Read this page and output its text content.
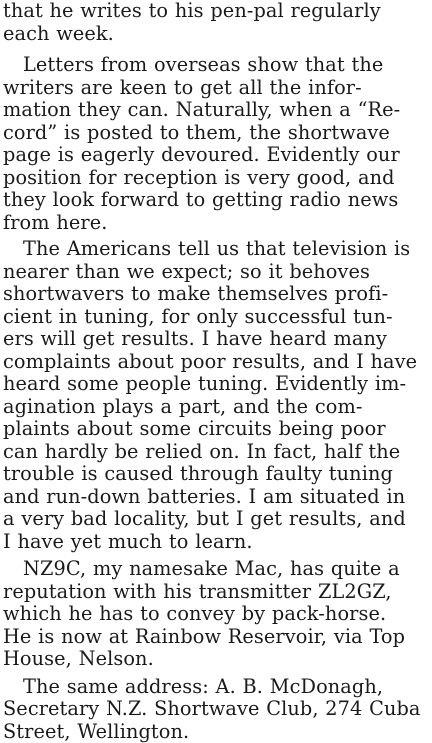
that he writes to his pen-pal regularly
each week.

Letters from overseas show that the
writers are keen to get all the infor-
mation they can. Naturally, when a “Re-
cord” is posted to them, the shortwave
page is eagerly devoured. Evidently our
position for reception is very good, and
they look forward to getting radio news
from here.

The Americans tell us that television is
nearer than we expect; so it behoves
shortwavers to make themselves profi-
cient in tuning, for only successful tun-
ers will get results. I have heard many
complaints about poor results, and I have
heard some people tuning. Evidently im-
agination plays a part, and the com-
plaints about some circuits being poor
can hardly be relied on. In fact, half the
trouble is caused through faulty tuning
and run-down batteries. I am situated in
a very bad locality, but I get results, and
I have yet much to learn.

NZ9C, my namesake Mac, has quite a
reputation with his transmitter ZL2GZ,
which he has to convey by pack-horse.
He is now at Rainbow Reservoir, via Top
House, Nelson.

The same address: A. B. McDonagh,
Secretary N.Z. Shortwave Club, 274 Cuba
Street, Wellington.
